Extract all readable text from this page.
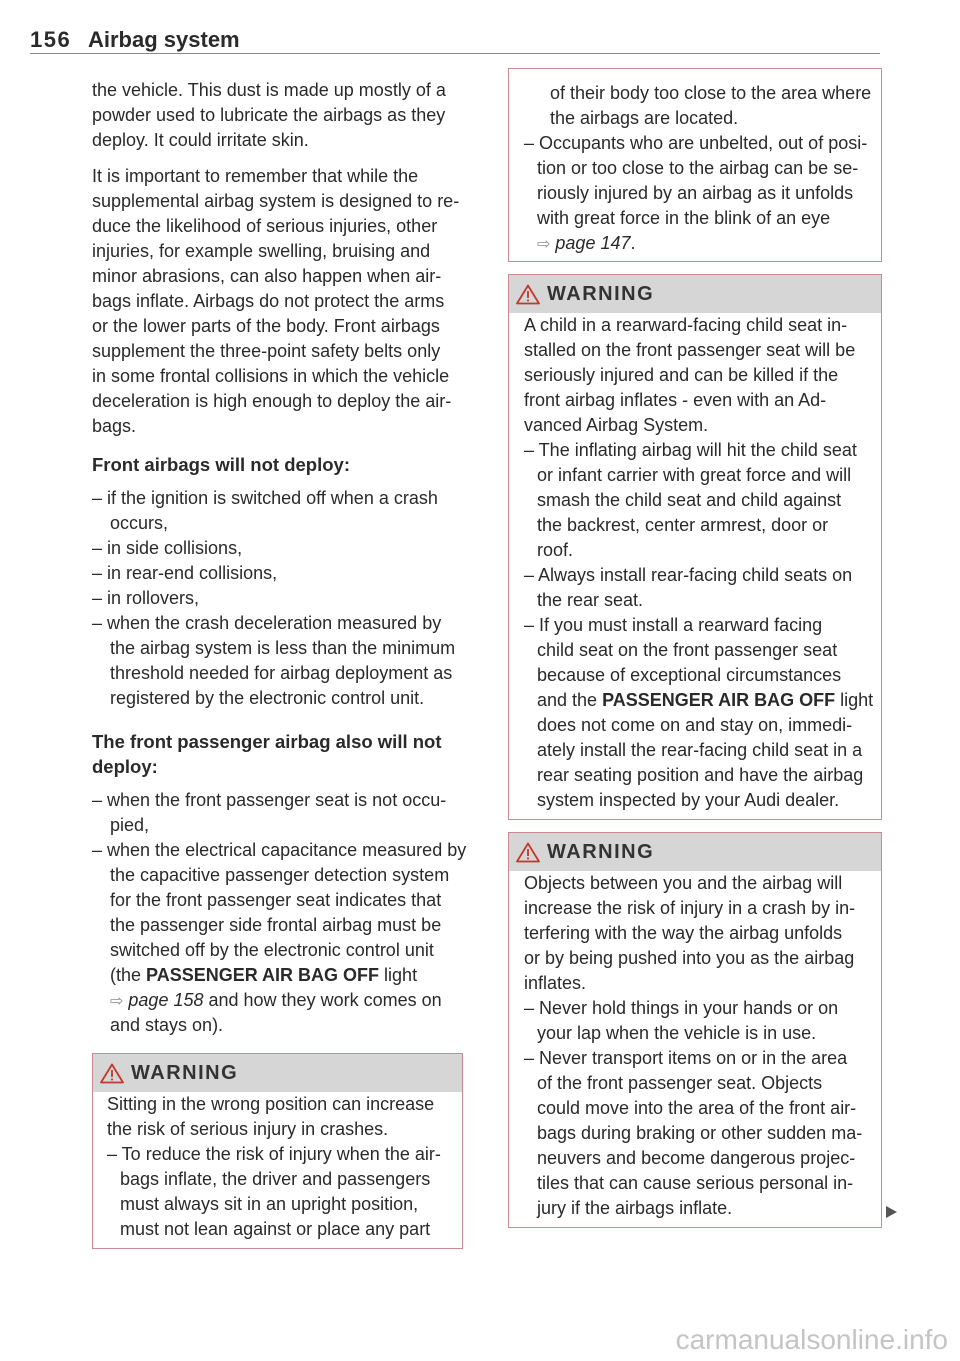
156 Airbag system
the vehicle. This dust is made up mostly of a
powder used to lubricate the airbags as they
deploy. It could irritate skin.
It is important to remember that while the
supplemental airbag system is designed to re-
duce the likelihood of serious injuries, other
injuries, for example swelling, bruising and
minor abrasions, can also happen when air-
bags inflate. Airbags do not protect the arms
or the lower parts of the body. Front airbags
supplement the three-point safety belts only
in some frontal collisions in which the vehicle
deceleration is high enough to deploy the air-
bags.
Front airbags will not deploy:
– if the ignition is switched off when a crash
occurs,
– in side collisions,
– in rear-end collisions,
– in rollovers,
– when the crash deceleration measured by
the airbag system is less than the minimum
threshold needed for airbag deployment as
registered by the electronic control unit.
The front passenger airbag also will not
deploy:
– when the front passenger seat is not occu-
pied,
– when the electrical capacitance measured by
the capacitive passenger detection system
for the front passenger seat indicates that
the passenger side frontal airbag must be
switched off by the electronic control unit
(the PASSENGER AIR BAG OFF light
⇨ page 158 and how they work comes on
and stays on).
WARNING
Sitting in the wrong position can increase
the risk of serious injury in crashes.
– To reduce the risk of injury when the air-
bags inflate, the driver and passengers
must always sit in an upright position,
must not lean against or place any part
of their body too close to the area where
the airbags are located.
– Occupants who are unbelted, out of posi-
tion or too close to the airbag can be se-
riously injured by an airbag as it unfolds
with great force in the blink of an eye
⇨ page 147.
WARNING
A child in a rearward-facing child seat in-
stalled on the front passenger seat will be
seriously injured and can be killed if the
front airbag inflates - even with an Ad-
vanced Airbag System.
– The inflating airbag will hit the child seat
or infant carrier with great force and will
smash the child seat and child against
the backrest, center armrest, door or
roof.
– Always install rear-facing child seats on
the rear seat.
– If you must install a rearward facing
child seat on the front passenger seat
because of exceptional circumstances
and the PASSENGER AIR BAG OFF light
does not come on and stay on, immedi-
ately install the rear-facing child seat in a
rear seating position and have the airbag
system inspected by your Audi dealer.
WARNING
Objects between you and the airbag will
increase the risk of injury in a crash by in-
terfering with the way the airbag unfolds
or by being pushed into you as the airbag
inflates.
– Never hold things in your hands or on
your lap when the vehicle is in use.
– Never transport items on or in the area
of the front passenger seat. Objects
could move into the area of the front air-
bags during braking or other sudden ma-
neuvers and become dangerous projec-
tiles that can cause serious personal in-
jury if the airbags inflate.
carmanualsonline.info
